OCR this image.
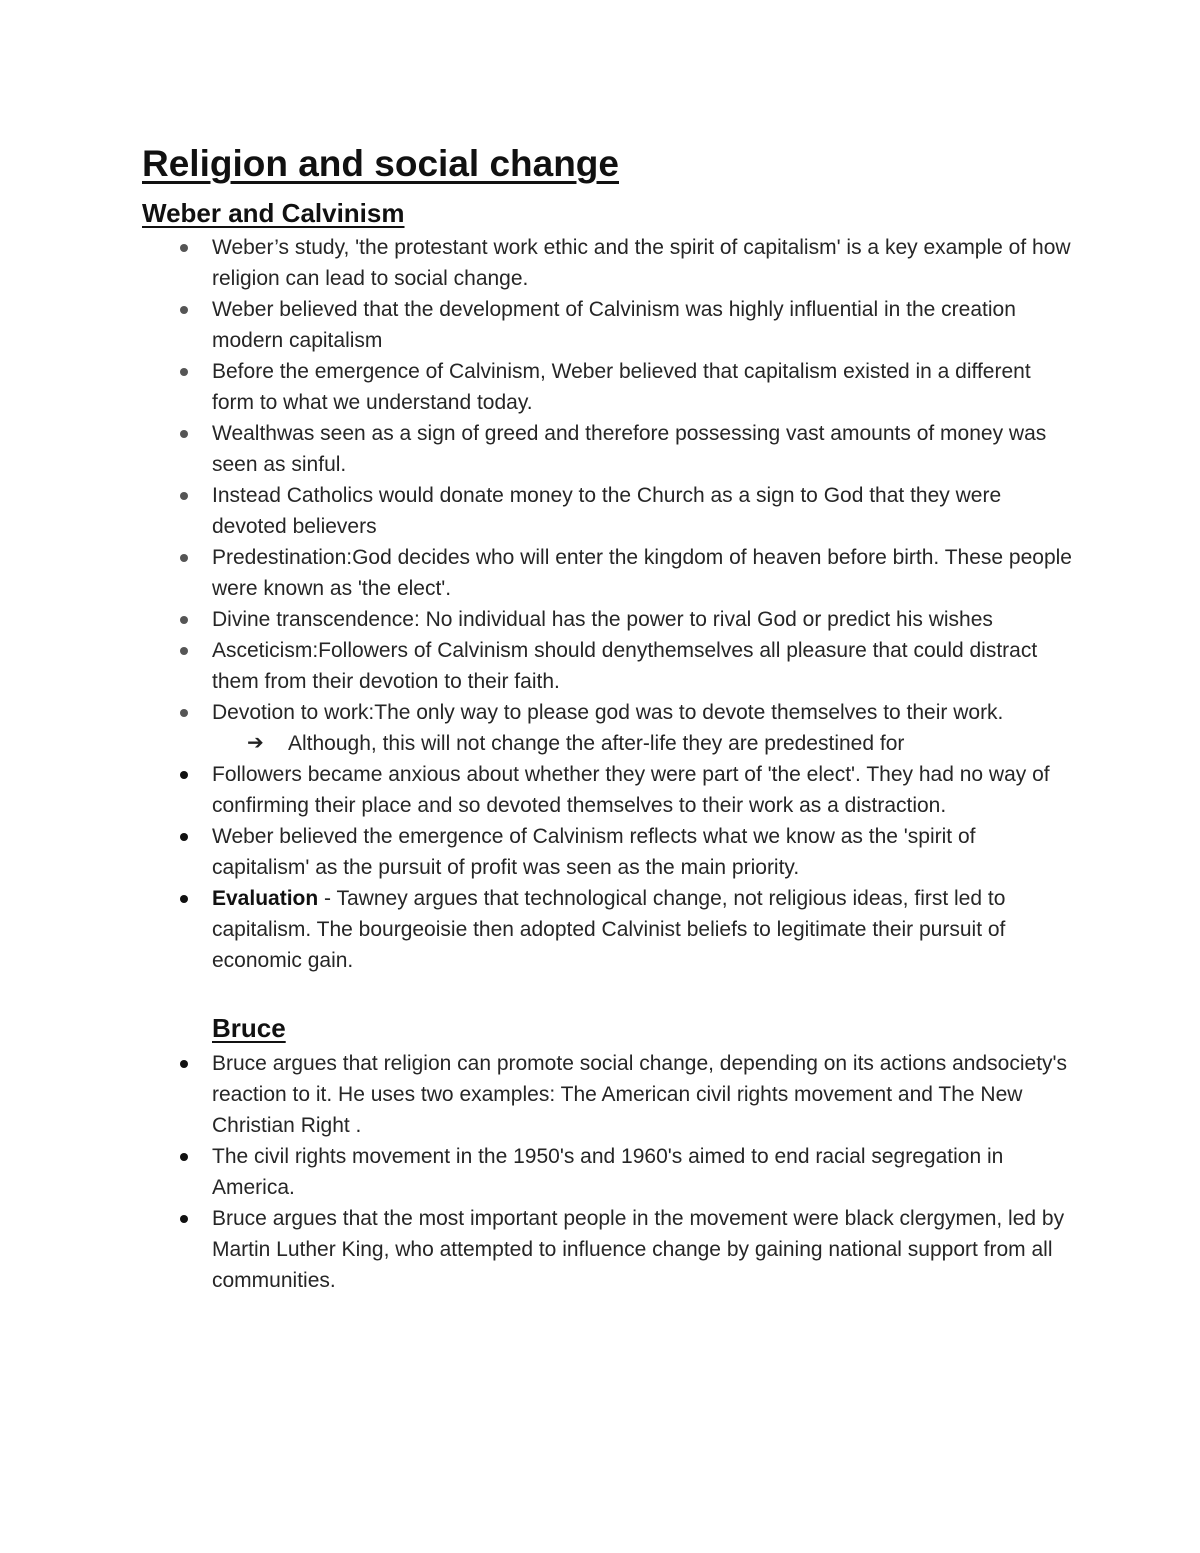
Religion and social change
Weber and Calvinism
Weber’s study, 'the protestant work ethic and the spirit of capitalism' is a key example of how religion can lead to social change.
Weber believed that the development of Calvinism was highly influential in the creation modern capitalism
Before the emergence of Calvinism, Weber believed that capitalism existed in a different form to what we understand today.
Wealthwas seen as a sign of greed and therefore possessing vast amounts of money was seen as sinful.
Instead Catholics would donate money to the Church as a sign to God that they were devoted believers
Predestination:God decides who will enter the kingdom of heaven before birth. These people were known as 'the elect'.
Divine transcendence: No individual has the power to rival God or predict his wishes
Asceticism:Followers of Calvinism should denythemselves all pleasure that could distract them from their devotion to their faith.
Devotion to work:The only way to please god was to devote themselves to their work.
➔ Although, this will not change the after-life they are predestined for
Followers became anxious about whether they were part of 'the elect'. They had no way of confirming their place and so devoted themselves to their work as a distraction.
Weber believed the emergence of Calvinism reflects what we know as the 'spirit of capitalism' as the pursuit of profit was seen as the main priority.
Evaluation - Tawney argues that technological change, not religious ideas, first led to capitalism. The bourgeoisie then adopted Calvinist beliefs to legitimate their pursuit of economic gain.
Bruce
Bruce argues that religion can promote social change, depending on its actions andsociety's reaction to it. He uses two examples: The American civil rights movement and The New Christian Right .
The civil rights movement in the 1950's and 1960's aimed to end racial segregation in America.
Bruce argues that the most important people in the movement were black clergymen, led by Martin Luther King, who attempted to influence change by gaining national support from all communities.
